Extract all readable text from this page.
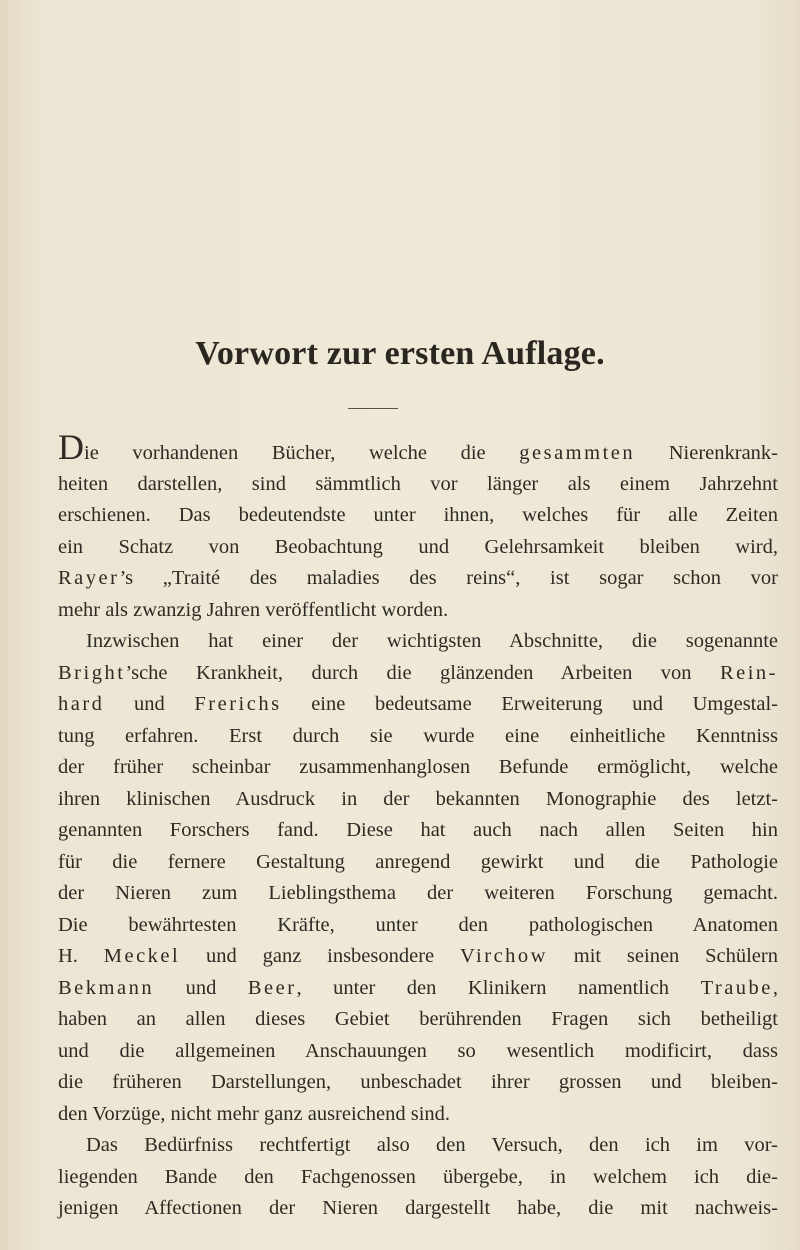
Vorwort zur ersten Auflage.
Die vorhandenen Bücher, welche die gesammten Nierenkrank-
heiten darstellen, sind sämmtlich vor länger als einem Jahrzehnt
erschienen. Das bedeutendste unter ihnen, welches für alle Zeiten
ein Schatz von Beobachtung und Gelehrsamkeit bleiben wird,
Rayer’s „Traité des maladies des reins“, ist sogar schon vor
mehr als zwanzig Jahren veröffentlicht worden.
Inzwischen hat einer der wichtigsten Abschnitte, die sogenannte
Bright’sche Krankheit, durch die glänzenden Arbeiten von Rein-
hard und Frerichs eine bedeutsame Erweiterung und Umgestal-
tung erfahren. Erst durch sie wurde eine einheitliche Kenntniss
der früher scheinbar zusammenhanglosen Befunde ermöglicht, welche
ihren klinischen Ausdruck in der bekannten Monographie des letzt-
genannten Forschers fand. Diese hat auch nach allen Seiten hin
für die fernere Gestaltung anregend gewirkt und die Pathologie
der Nieren zum Lieblingsthema der weiteren Forschung gemacht.
Die bewährtesten Kräfte, unter den pathologischen Anatomen
H. Meckel und ganz insbesondere Virchow mit seinen Schülern
Bekmann und Beer, unter den Klinikern namentlich Traube,
haben an allen dieses Gebiet berührenden Fragen sich betheiligt
und die allgemeinen Anschauungen so wesentlich modificirt, dass
die früheren Darstellungen, unbeschadet ihrer grossen und bleiben-
den Vorzüge, nicht mehr ganz ausreichend sind.
Das Bedürfniss rechtfertigt also den Versuch, den ich im vor-
liegenden Bande den Fachgenossen übergebe, in welchem ich die-
jenigen Affectionen der Nieren dargestellt habe, die mit nachweis-
